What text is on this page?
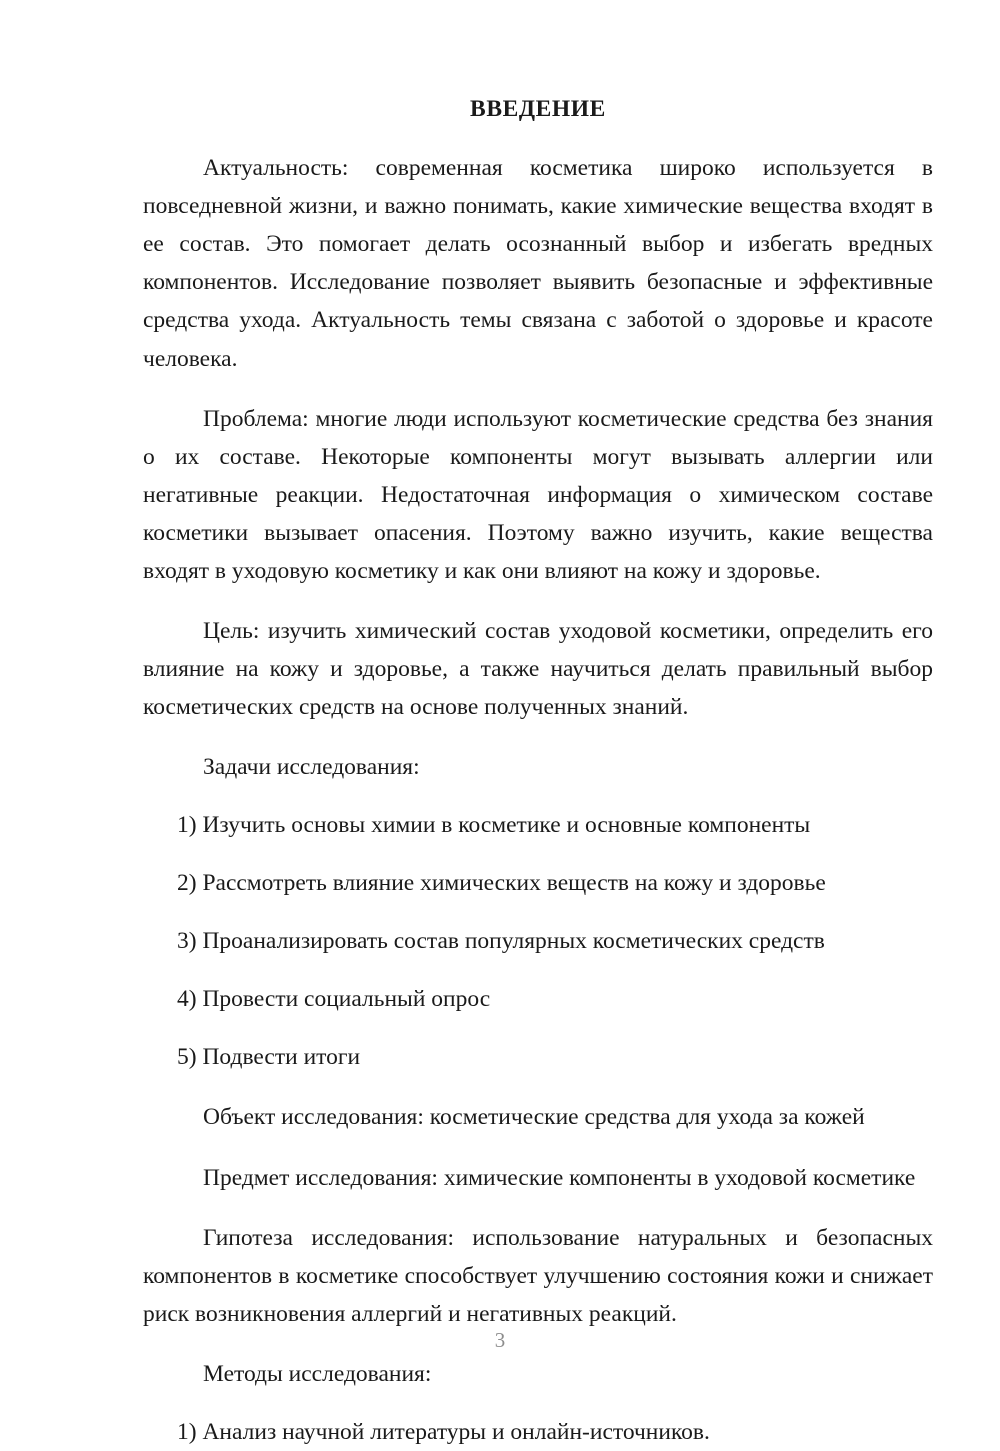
ВВЕДЕНИЕ

Актуальность: современная косметика широко используется в повседневной жизни, и важно понимать, какие химические вещества входят в ее состав. Это помогает делать осознанный выбор и избегать вредных компонентов. Исследование позволяет выявить безопасные и эффективные средства ухода. Актуальность темы связана с заботой о здоровье и красоте человека.

Проблема: многие люди используют косметические средства без знания о их составе. Некоторые компоненты могут вызывать аллергии или негативные реакции. Недостаточная информация о химическом составе косметики вызывает опасения. Поэтому важно изучить, какие вещества входят в уходовую косметику и как они влияют на кожу и здоровье.

Цель: изучить химический состав уходовой косметики, определить его влияние на кожу и здоровье, а также научиться делать правильный выбор косметических средств на основе полученных знаний.

Задачи исследования:

1) Изучить основы химии в косметике и основные компоненты
2) Рассмотреть влияние химических веществ на кожу и здоровье
3) Проанализировать состав популярных косметических средств
4) Провести социальный опрос
5) Подвести итоги

Объект исследования: косметические средства для ухода за кожей

Предмет исследования: химические компоненты в уходовой косметике

Гипотеза исследования: использование натуральных и безопасных компонентов в косметике способствует улучшению состояния кожи и снижает риск возникновения аллергий и негативных реакций.

Методы исследования:

1) Анализ научной литературы и онлайн-источников.
3
